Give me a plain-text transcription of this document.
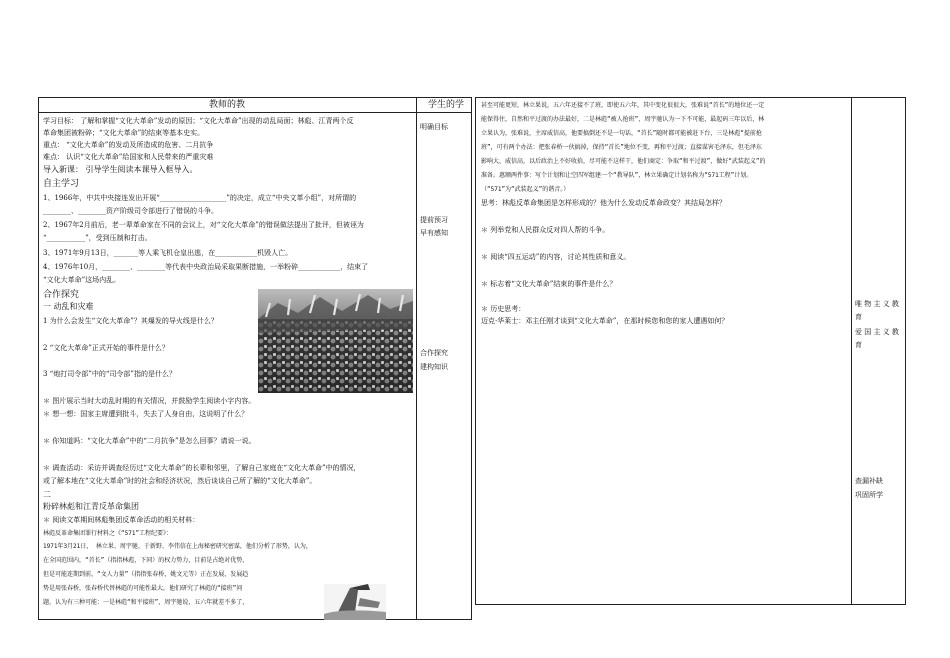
教师的教	学生的学
学习目标： 了解和掌握“文化大革命”发动的原因；“文化大革命”出现的动乱局面；林彪、江青两个反
革命集团被粉碎；“文化大革命”的结束等基本史实。
重点： “文化大革命”的发动及所造成的危害、二月抗争
难点： 认识“文化大革命”给国家和人民带来的严重灾难
导入新课： 引导学生阅读本课导入框导入。
自主学习
1、1966年，中共中央接连发出开展“___________________”的决定，成立“中央文革小组”，对所谓的
________、________资产阶级司令部进行了错误的斗争。
2、1967年2月前后，老一辈革命家在不同的会议上，对“文化大革命”的错误做法提出了批评，但被诬为
“___________”，受到压制和打击。
3、1971年9月13日，_______等人乘飞机仓皇出逃，在____________机毁人亡。
4、1976年10月，________、________等代表中央政治局采取果断措施，一举粉碎____________，结束了
“文化大革命”这场内乱。
合作探究
一 动乱和灾难
1 为什么会发生“文化大革命”？其爆发的导火线是什么？
2 “文化大革命”正式开始的事件是什么？
3 “炮打司令部”中的“司令部”指的是什么？
＊ 图片展示当时大动乱时期的有关情况，并鼓励学生阅读小字内容。
＊ 想一想：国家主席遭到批斗，失去了人身自由，这说明了什么？
＊ 你知道吗：“文化大革命”中的“二月抗争”是怎么回事？请说一说。
＊ 调查活动：采访并调查经历过“文化大革命”的长辈和邻里，了解自己家庭在“文化大革命”中的情况，
或了解本地在“文化大革命”时的社会和经济状况，然后谈谈自己所了解的“文化大革命”。
二
粉碎林彪和江青反革命集团
＊ 阅读文革期间林彪集团反革命活动的相关材料：
林彪反革命集团罪行材料之《“571”工程纪要》：
1971年3月21日， 林立果、周宇驰、于新野、李伟信在上海秘密研究密谋，他们分析了形势，认为，
在全国范围内，“首长”（指指林彪，下同）的权力势力，目前是占绝对优势，
但是可能连期到前，“文人力量”（指指张春桥，姚文元等）正在发展，发展趋
势是用张春桥，张春桥代替林彪的可能性最大。他们研究了林彪的“接班”问
题，认为有三种可能：一是林彪“和平接班”，周宇驰说，五六年就差不多了，
明确目标
提前预习
早有感知
合作探究
建构知识
甚至可能更短，林立果说，五六年还接不了班，即使五六年，其中变化很很大，张难说“首长”的地位还一定
能保得住，自然和平过渡的办法最好，二是林彪“被人抢班”，周宇驰认为一下不可能，最起码三年以后，林
立果认为，张难说，主席威信高，他要搞倒还不是一句话，“首长”随时都可能被赶下台，三是林彪“提前抢
班”，可有两个办法：把张春桥一伙搞掉，保持“首长”地位不变，再和平过渡；直接谋害毛泽东，但毛泽东
影响大，威信高，以后政治上不好收拾，尽可能不这样干，他们商定：争取“和平过渡”，做好“武装起义”的
准备。惠额两件事：写个计划和让空四军组建一个“教导队”，林立果确定计划名称为“571工程”计划。
（“571”为“武装起义”的谐音。）
思考：林彪反革命集团是怎样形成的？他为什么发动反革命政变？其结局怎样？
＊ 列举党和人民群众反对四人帮的斗争。
＊ 阅读“四五运动”的内容，讨论其性质和意义。
＊ 标志着“文化大革命”结束的事件是什么？
＊ 历史思考：
迈克·华莱士：邓主任刚才谈到“文化大革命”，在那时候您和您的家人遭遇如何？
唯 物 主 义 教
育
爱 国 主 义 教
育
查漏补缺
巩固所学
